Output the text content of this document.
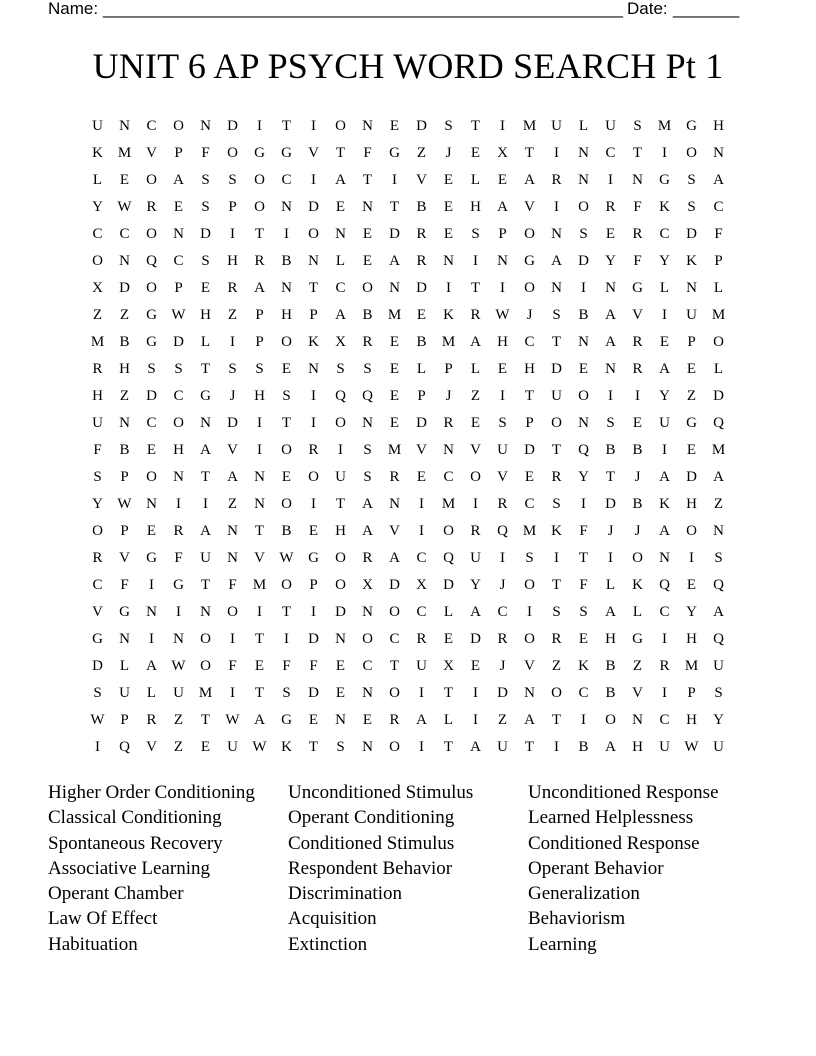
Name: _______________________________________________________ Date: _______
UNIT 6 AP PSYCH WORD SEARCH Pt 1
U	N	C	O	N	D	I	T	I	O	N	E	D	S	T	I	M U	L	U	S	M G	H
K M V	P	F	O	G	G	V	T	F	G	Z	J	E	X	T	I	N	C	T	I	O	N
L	E	O	A	S	S	O	C	I	A	T	I	V	E	L	E	A	R	N	I	N	G	S	A
Y W R	E	S	P	O	N	D	E	N	T	B	E	H	A	V	I	O	R	F	K	S	C
C	C	O	N	D	I	T	I	O	N	E	D	R	E	S	P	O	N	S	E	R	C	D	F
O	N	Q	C	S	H	R	B	N	L	E	A	R	N	I	N	G	A	D	Y	F	Y	K	P
X	D	O	P	E	R	A	N	T	C	O	N	D	I	T	I	O	N	I	N	G	L	N	L
Z	Z	G W H	Z	P	H	P	A	B	M	E	K	R W	J	S	B	A	V	I	U M
M	B	G	D	L	I	P	O	K	X	R	E	B	M A	H	C	T	N	A	R	E	P	O
R	H	S	S	T	S	S	E	N	S	S	E	L	P	L	E	H	D	E	N	R	A	E	L
H	Z	D	C	G	J	H	S	I	Q	Q	E	P	J	Z	I	T	U	O	I	I	Y	Z	D
U	N	C	O	N	D	I	T	I	O	N	E	D	R	E	S	P	O	N	S	E	U	G	Q
F	B	E	H	A	V	I	O	R	I	S	M V	N	V	U	D	T	Q	B	B	I	E	M
S	P	O	N	T	A	N	E	O	U	S	R	E	C	O	V	E	R	Y	T	J	A	D	A
Y W N	I	I	Z	N	O	I	T	A	N	I	M	I	R	C	S	I	D	B	K	H	Z
O	P	E	R	A	N	T	B	E	H	A	V	I	O	R	Q M K	F	J	J	A	O	N
R	V	G	F	U	N	V W G	O	R	A	C	Q	U	I	S	I	T	I	O	N	I	S
C	F	I	G	T	F	M O	P	O	X	D	X	D	Y	J	O	T	F	L	K	Q	E	Q
V	G	N	I	N	O	I	T	I	D	N	O	C	L	A	C	I	S	S	A	L	C	Y	A
G	N	I	N	O	I	T	I	D	N	O	C	R	E	D	R	O	R	E	H	G	I	H	Q
D	L	A W O	F	E	F	F	E	C	T	U	X	E	J	V	Z	K	B	Z	R	M U
S	U	L	U M	I	T	S	D	E	N	O	I	T	I	D	N	O	C	B	V	I	P	S
W	P	R	Z	T	W A	G	E	N	E	R	A	L	I	Z	A	T	I	O	N	C	H	Y
I	Q	V	Z	E	U W K	T	S	N	O	I	T	A	U	T	I	B	A	H	U W U
Higher Order Conditioning	Unconditioned Stimulus	Unconditioned Response
Classical Conditioning	Operant Conditioning	Learned Helplessness
Spontaneous Recovery	Conditioned Stimulus	Conditioned Response
Associative Learning	Respondent Behavior	Operant Behavior
Operant Chamber	Discrimination	Generalization
Law Of Effect	Acquisition	Behaviorism
Habituation	Extinction	Learning
